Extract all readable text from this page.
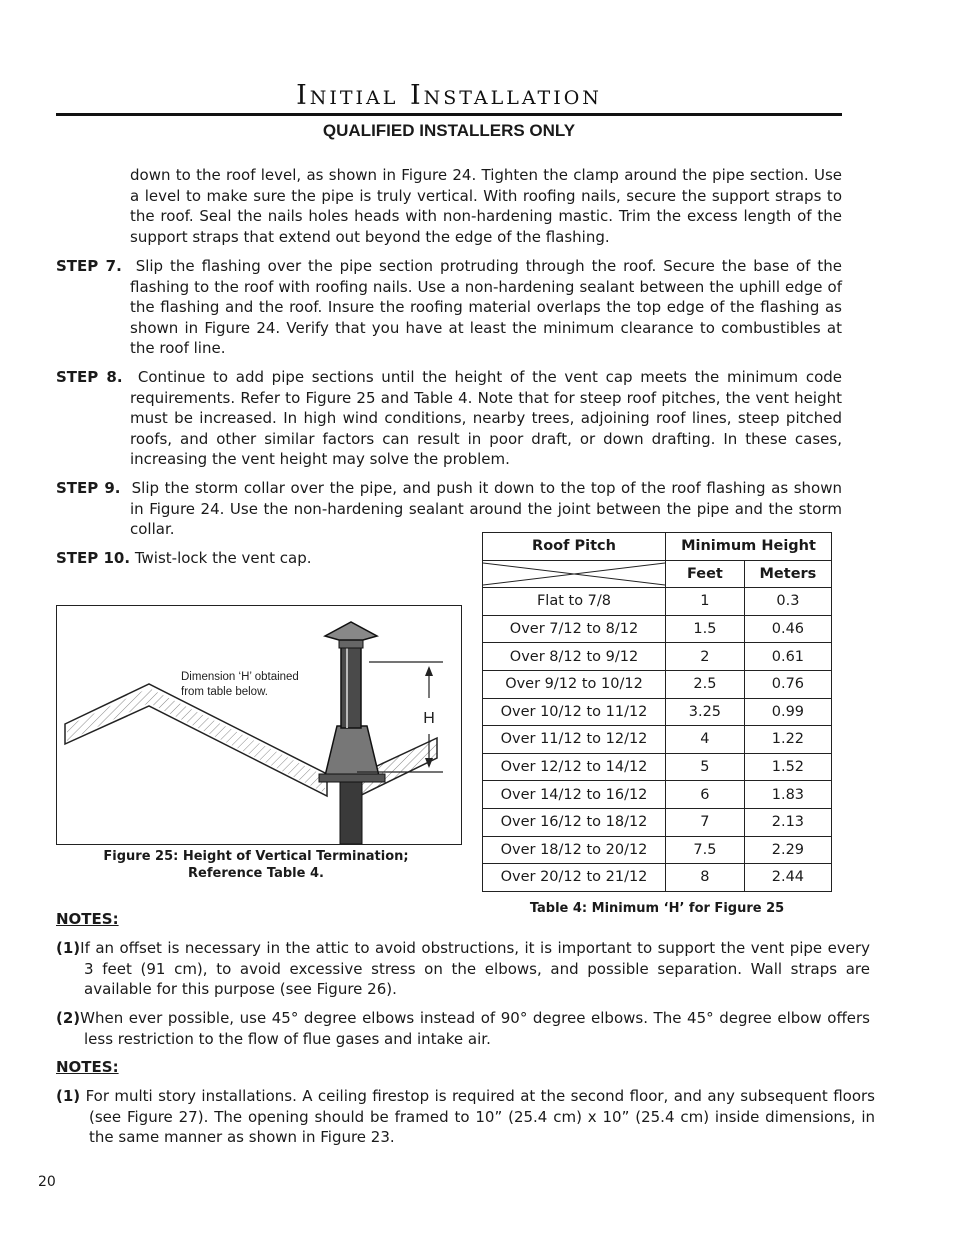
Initial Installation
QUALIFIED INSTALLERS ONLY

down to the roof level, as shown in Figure 24. Tighten the clamp around the pipe section. Use a level to make sure the pipe is truly vertical. With roofing nails, secure the support straps to the roof. Seal the nails holes heads with non-hardening mastic. Trim the excess length of the support straps that extend out beyond the edge of the flashing.

STEP 7. Slip the flashing over the pipe section protruding through the roof. Secure the base of the flashing to the roof with roofing nails. Use a non-hardening sealant between the uphill edge of the flashing and the roof. Insure the roofing material overlaps the top edge of the flashing as shown in Figure 24. Verify that you have at least the minimum clearance to combustibles at the roof line.

STEP 8. Continue to add pipe sections until the height of the vent cap meets the minimum code requirements. Refer to Figure 25 and Table 4. Note that for steep roof pitches, the vent height must be increased. In high wind conditions, nearby trees, adjoining roof lines, steep pitched roofs, and other similar factors can result in poor draft, or down drafting. In these cases, increasing the vent height may solve the problem.

STEP 9. Slip the storm collar over the pipe, and push it down to the top of the roof flashing as shown in Figure 24. Use the non-hardening sealant around the joint between the pipe and the storm collar.

STEP 10. Twist-lock the vent cap.

H
Dimension ‘H’ obtained
from table below.
Figure 25: Height of Vertical Termination;
Reference Table 4.
Roof Pitch	Minimum Height	

	Feet	Meters
Flat to 7/8	1	0.3
Over 7/12 to 8/12	1.5	0.46
Over 8/12 to 9/12	2	0.61
Over 9/12 to 10/12	2.5	0.76
Over 10/12 to 11/12	3.25	0.99
Over 11/12 to 12/12	4	1.22
Over 12/12 to 14/12	5	1.52
Over 14/12 to 16/12	6	1.83
Over 16/12 to 18/12	7	2.13
Over 18/12 to 20/12	7.5	2.29
Over 20/12 to 21/12	8	2.44
Table 4: Minimum ‘H’ for Figure 25
NOTES:

(1)If an offset is necessary in the attic to avoid obstructions, it is important to support the vent pipe every 3 feet (91 cm), to avoid excessive stress on the elbows, and possible separation. Wall straps are available for this purpose (see Figure 26).

(2)When ever possible, use 45° degree elbows instead of 90° degree elbows. The 45° degree elbow offers less restriction to the flow of flue gases and intake air.

NOTES:

(1) For multi story installations. A ceiling firestop is required at the second floor, and any subsequent floors (see Figure 27). The opening should be framed to 10” (25.4 cm) x 10” (25.4 cm) inside dimensions, in the same manner as shown in Figure 23.

20
